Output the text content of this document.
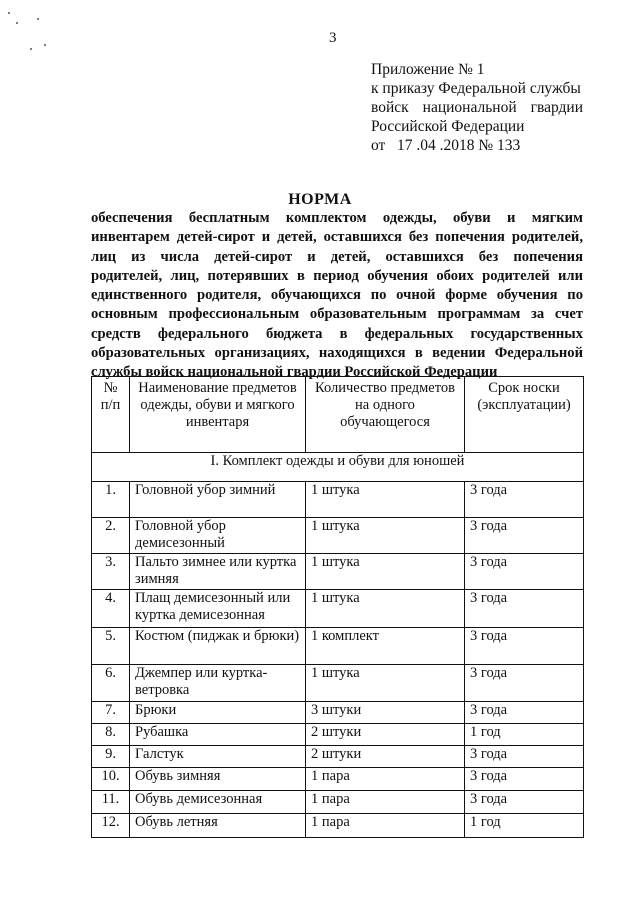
3
Приложение № 1
к приказу Федеральной службы
войск национальной гвардии
Российской Федерации
от   17 .04 .2018 № 133
НОРМА
обеспечения бесплатным комплектом одежды, обуви и мягким
инвентарем детей-сирот и детей, оставшихся без попечения родителей,
лиц из числа детей-сирот и детей, оставшихся без попечения
родителей, лиц, потерявших в период обучения обоих родителей или
единственного родителя, обучающихся по очной форме обучения по
основным профессиональным образовательным программам за счет
средств федерального бюджета в федеральных государственных
образовательных организациях, находящихся в ведении Федеральной
службы войск национальной гвардии Российской Федерации
№ п/п	Наименование предметов одежды, обуви и мягкого инвентаря	Количество предметов на одного обучающегося	Срок носки (эксплуатации)
I. Комплект одежды и обуви для юношей			
1.	Головной убор зимний	1 штука	3 года
2.	Головной убор демисезонный	1 штука	3 года
3.	Пальто зимнее или куртка зимняя	1 штука	3 года
4.	Плащ демисезонный или куртка демисезонная	1 штука	3 года
5.	Костюм (пиджак и брюки)	1 комплект	3 года
6.	Джемпер или куртка-ветровка	1 штука	3 года
7.	Брюки	3 штуки	3 года
8.	Рубашка	2 штуки	1 год
9.	Галстук	2 штуки	3 года
10.	Обувь зимняя	1 пара	3 года
11.	Обувь демисезонная	1 пара	3 года
12.	Обувь летняя	1 пара	1 год
